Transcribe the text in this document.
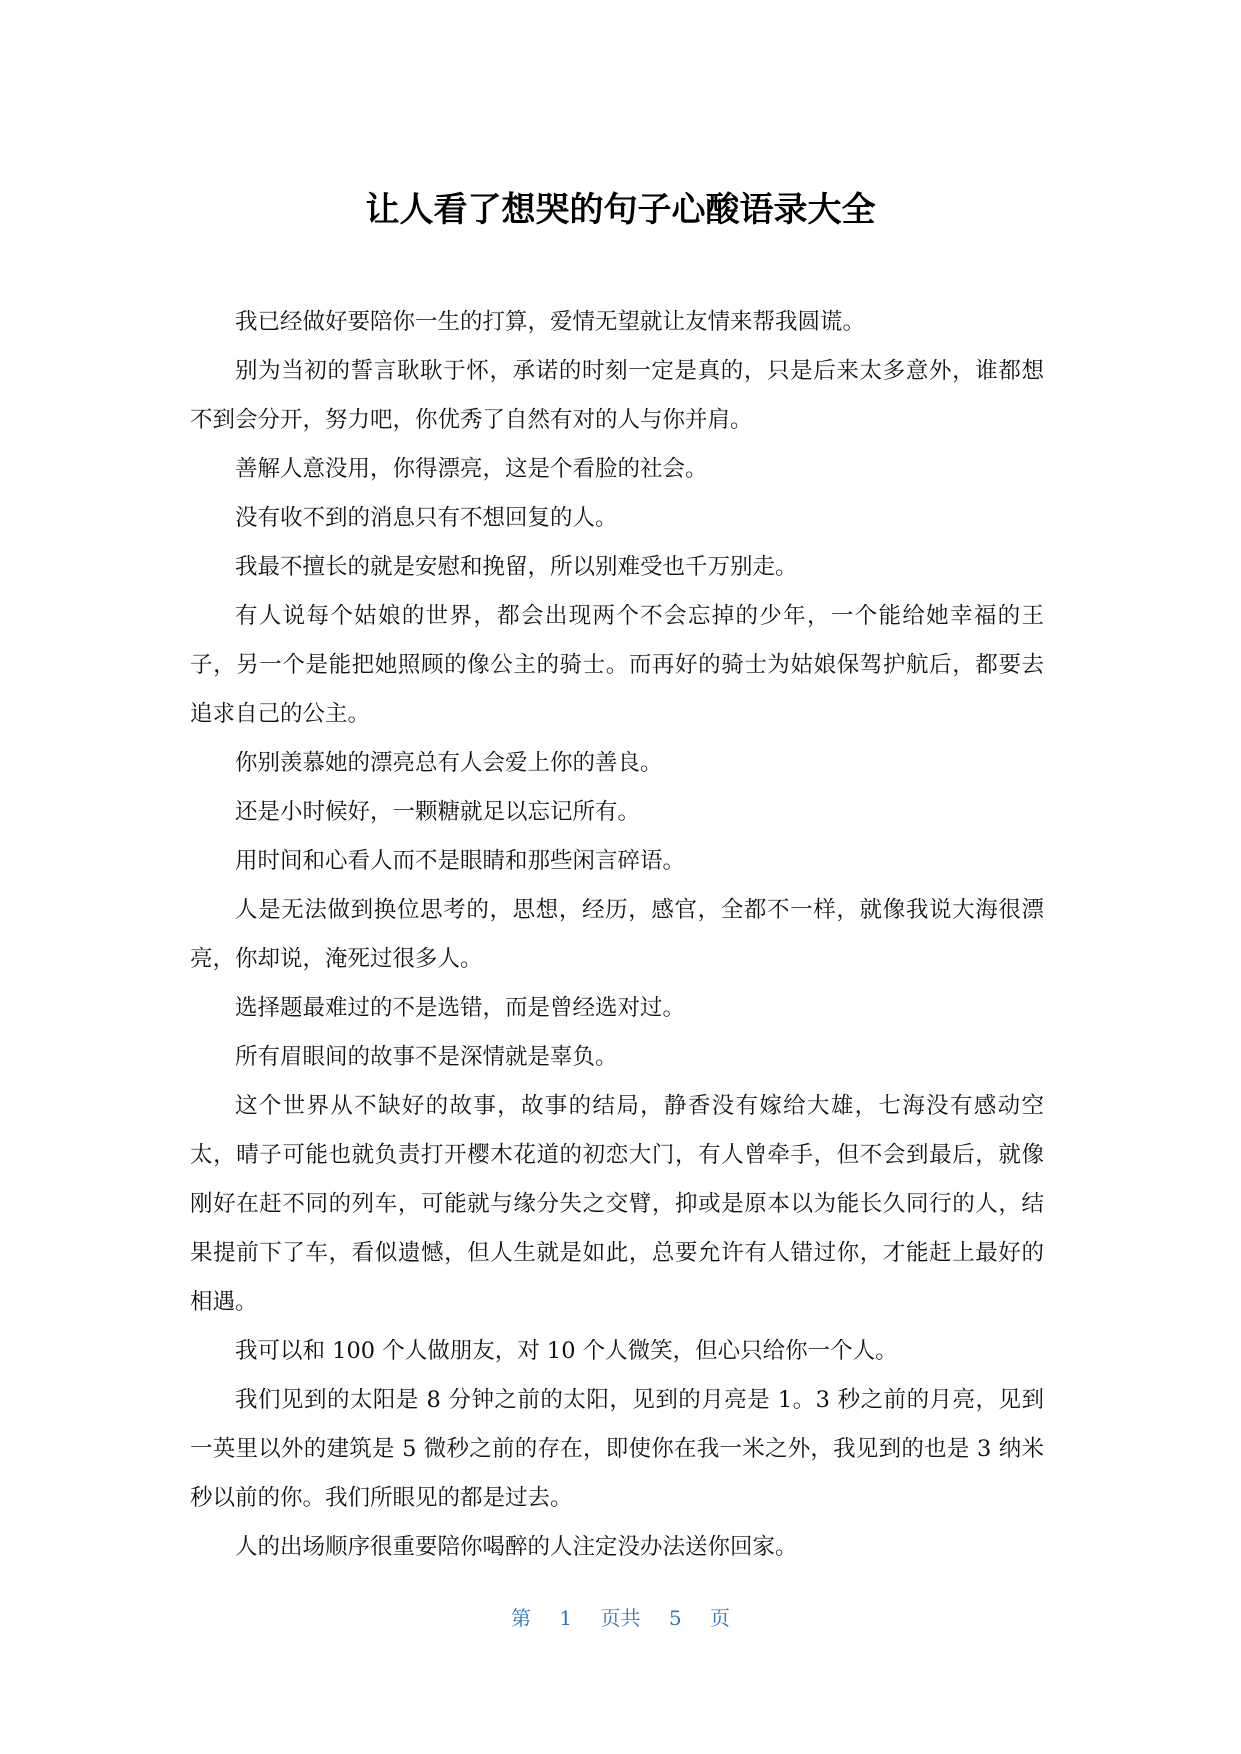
让人看了想哭的句子心酸语录大全

我已经做好要陪你一生的打算，爱情无望就让友情来帮我圆谎。

别为当初的誓言耿耿于怀，承诺的时刻一定是真的，只是后来太多意外，谁都想不到会分开，努力吧，你优秀了自然有对的人与你并肩。

善解人意没用，你得漂亮，这是个看脸的社会。

没有收不到的消息只有不想回复的人。

我最不擅长的就是安慰和挽留，所以别难受也千万别走。

有人说每个姑娘的世界，都会出现两个不会忘掉的少年，一个能给她幸福的王子，另一个是能把她照顾的像公主的骑士。而再好的骑士为姑娘保驾护航后，都要去追求自己的公主。

你别羡慕她的漂亮总有人会爱上你的善良。

还是小时候好，一颗糖就足以忘记所有。

用时间和心看人而不是眼睛和那些闲言碎语。

人是无法做到换位思考的，思想，经历，感官，全都不一样，就像我说大海很漂亮，你却说，淹死过很多人。

选择题最难过的不是选错，而是曾经选对过。

所有眉眼间的故事不是深情就是辜负。

这个世界从不缺好的故事，故事的结局，静香没有嫁给大雄，七海没有感动空太，晴子可能也就负责打开樱木花道的初恋大门，有人曾牵手，但不会到最后，就像刚好在赶不同的列车，可能就与缘分失之交臂，抑或是原本以为能长久同行的人，结果提前下了车，看似遗憾，但人生就是如此，总要允许有人错过你，才能赶上最好的相遇。

我可以和 100 个人做朋友，对 10 个人微笑，但心只给你一个人。

我们见到的太阳是 8 分钟之前的太阳，见到的月亮是 1。3 秒之前的月亮，见到一英里以外的建筑是 5 微秒之前的存在，即使你在我一米之外，我见到的也是 3 纳米秒以前的你。我们所眼见的都是过去。

人的出场顺序很重要陪你喝醉的人注定没办法送你回家。

第 1 页共 5 页
